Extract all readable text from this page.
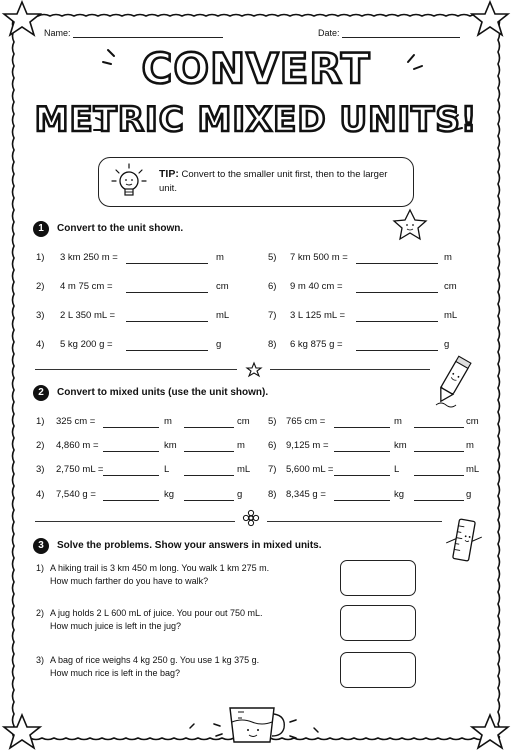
Name:	Date:
CONVERT
METRIC MIXED UNITS!
TIP: Convert to the smaller unit first, then to the larger unit.
1	Convert to the unit shown.
1) 3 km 250 m =	m
2) 4 m 75 cm =	cm
3) 2 L 350 mL =	mL
4) 5 kg 200 g =	g
5) 7 km 500 m =	m
6) 9 m 40 cm =	cm
7) 3 L 125 mL =	mL
8) 6 kg 875 g =	g
2	Convert to mixed units (use the unit shown).
1) 325 cm =	m	cm
2) 4,860 m =	km	m
3) 2,750 mL =	L	mL
4) 7,540 g =	kg	g
5) 765 cm =	m	cm
6) 9,125 m =	km	m
7) 5,600 mL =	L	mL
8) 8,345 g =	kg	g
3	Solve the problems. Show your answers in mixed units.
1) A hiking trail is 3 km 450 m long. You walk 1 km 275 m.
How much farther do you have to walk?
2) A jug holds 2 L 600 mL of juice. You pour out 750 mL.
How much juice is left in the jug?
3) A bag of rice weighs 4 kg 250 g. You use 1 kg 375 g.
How much rice is left in the bag?
